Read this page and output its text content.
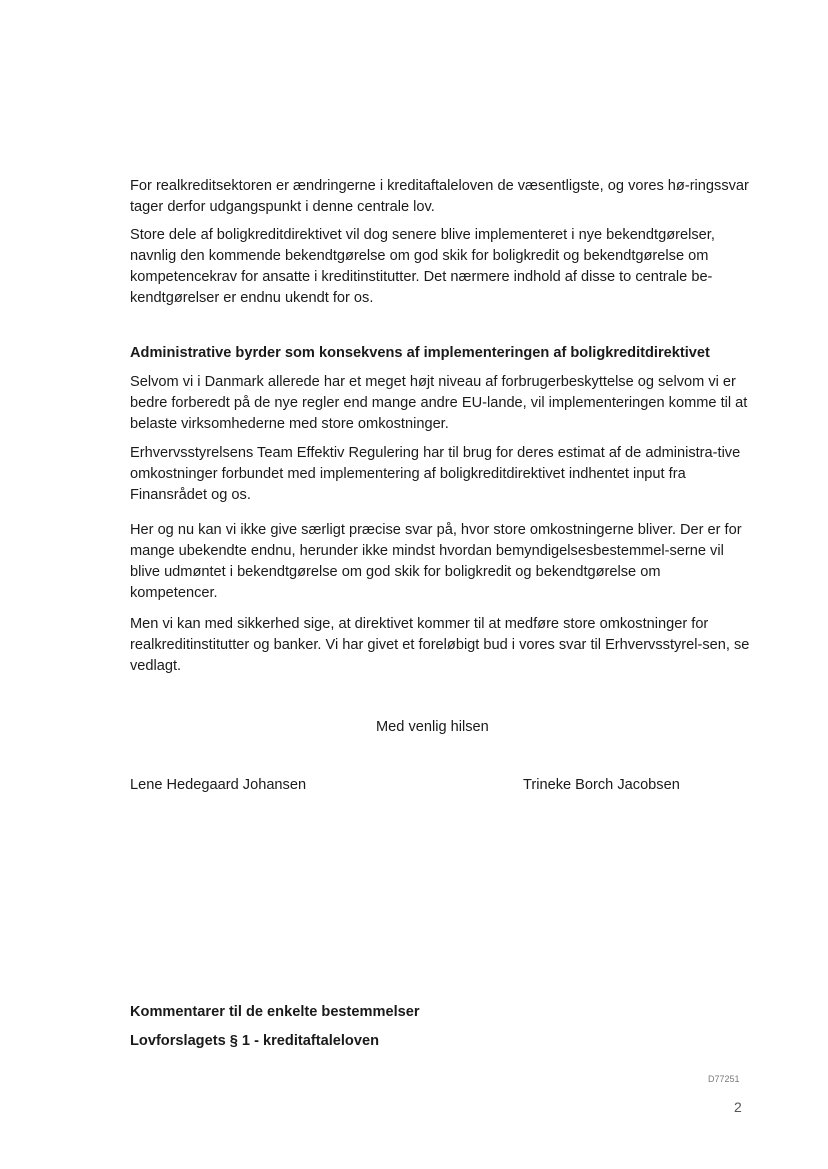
For realkreditsektoren er ændringerne i kreditaftaleloven de væsentligste, og vores hø-ringssvar tager derfor udgangspunkt i denne centrale lov.

Store dele af boligkreditdirektivet vil dog senere blive implementeret i nye bekendtgørelser, navnlig den kommende bekendtgørelse om god skik for boligkredit og bekendtgørelse om kompetencekrav for ansatte i kreditinstitutter. Det nærmere indhold af disse to centrale be-kendtgørelser er endnu ukendt for os.

Administrative byrder som konsekvens af implementeringen af boligkreditdirektivet

Selvom vi i Danmark allerede har et meget højt niveau af forbrugerbeskyttelse og selvom vi er bedre forberedt på de nye regler end mange andre EU-lande, vil implementeringen komme til at belaste virksomhederne med store omkostninger.

Erhvervsstyrelsens Team Effektiv Regulering har til brug for deres estimat af de administra-tive omkostninger forbundet med implementering af boligkreditdirektivet indhentet input fra Finansrådet og os.

Her og nu kan vi ikke give særligt præcise svar på, hvor store omkostningerne bliver. Der er for mange ubekendte endnu, herunder ikke mindst hvordan bemyndigelsesbestemmel-serne vil blive udmøntet i bekendtgørelse om god skik for boligkredit og bekendtgørelse om kompetencer.

Men vi kan med sikkerhed sige, at direktivet kommer til at medføre store omkostninger for realkreditinstitutter og banker. Vi har givet et foreløbigt bud i vores svar til Erhvervsstyrel-sen, se vedlagt.

Med venlig hilsen
Lene Hedegaard Johansen	Trineke Borch Jacobsen

Kommentarer til de enkelte bestemmelser

Lovforslagets § 1 - kreditaftaleloven

D77251
2
